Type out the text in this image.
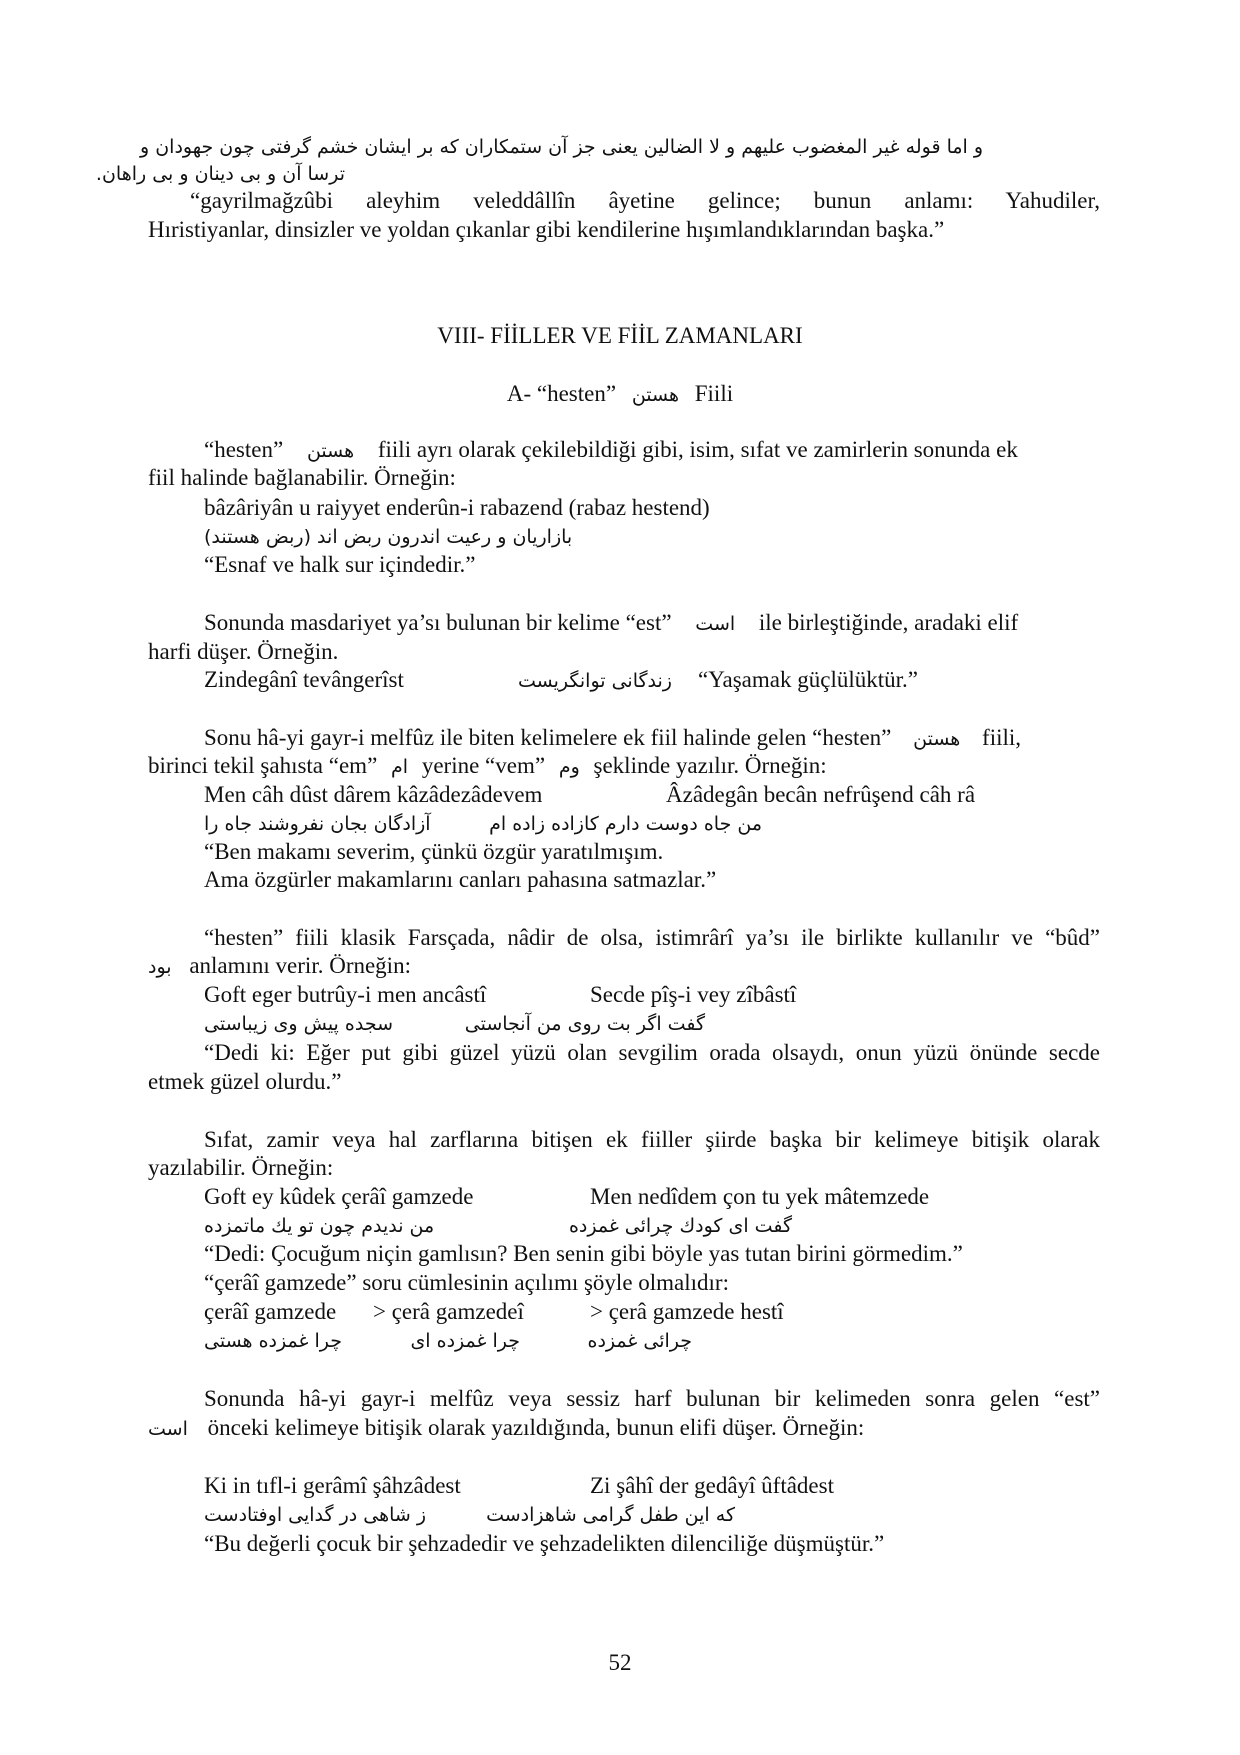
و اما قوله غير المغضوب عليهم و لا الضالين يعنى جز آن ستمكاران كه بر ايشان خشم گرفتى چون جهودان و
ترسا آن و بى دينان و بى راهان.
“gayrilmağzûbi aleyhim veleddâllîn âyetine gelince; bunun anlamı: Yahudiler,
Hıristiyanlar, dinsizler ve yoldan çıkanlar gibi kendilerine hışımlandıklarından başka.”
VIII- FİİLLER VE FİİL ZAMANLARI
A- “hesten” هستن Fiili
“hesten” هستن fiili ayrı olarak çekilebildiği gibi, isim, sıfat ve zamirlerin sonunda ek
fiil halinde bağlanabilir. Örneğin:
bâzâriyân u raiyyet enderûn-i rabazend (rabaz hestend)
بازاريان و رعيت اندرون ربض اند (ربض هستند)
“Esnaf ve halk sur içindedir.”
Sonunda masdariyet ya’sı bulunan bir kelime “est” است ile birleştiğinde, aradaki elif
harfi düşer. Örneğin.
Zindegânî tevângerîst	زندگانى توانگريست “Yaşamak güçlülüktür.”
Sonu hâ-yi gayr-i melfûz ile biten kelimelere ek fiil halinde gelen “hesten” هستن fiili,
birinci tekil şahısta “em” ام yerine “vem” وم şeklinde yazılır. Örneğin:
Men câh dûst dârem kâzâdezâdevem	Âzâdegân becân nefrûşend câh râ
من جاه دوست دارم كازاده زاده ام
آزادگان بجان نفروشند جاه را
“Ben makamı severim, çünkü özgür yaratılmışım.
Ama özgürler makamlarını canları pahasına satmazlar.”
“hesten” fiili klasik Farsçada, nâdir de olsa, istimrârî ya’sı ile birlikte kullanılır ve “bûd”
بود anlamını verir. Örneğin:
Goft eger butrûy-i men ancâstî	Secde pîş-i vey zîbâstî
گفت اگر بت روى من آنجاستى
سجده پيش وى زيباستى
“Dedi ki: Eğer put gibi güzel yüzü olan sevgilim orada olsaydı, onun yüzü önünde secde
etmek güzel olurdu.”
Sıfat, zamir veya hal zarflarına bitişen ek fiiller şiirde başka bir kelimeye bitişik olarak
yazılabilir. Örneğin:
Goft ey kûdek çerâî gamzede	Men nedîdem çon tu yek mâtemzede
گفت اى كودك چرائى غمزده
من نديدم چون تو يك ماتمزده
“Dedi: Çocuğum niçin gamlısın? Ben senin gibi böyle yas tutan birini görmedim.”
“çerâî gamzede” soru cümlesinin açılımı şöyle olmalıdır:
çerâî gamzede > çerâ gamzedeî	> çerâ gamzede hestî
چرائى غمزده
چرا غمزده اى
چرا غمزده هستى
Sonunda hâ-yi gayr-i melfûz veya sessiz harf bulunan bir kelimeden sonra gelen “est”
است önceki kelimeye bitişik olarak yazıldığında, bunun elifi düşer. Örneğin:
Ki in tıfl-i gerâmî şâhzâdest	Zi şâhî der gedâyî ûftâdest
كه اين طفل گرامى شاهزادست
ز شاهى در گدايى اوفتادست
“Bu değerli çocuk bir şehzadedir ve şehzadelikten dilenciliğe düşmüştür.”
52
